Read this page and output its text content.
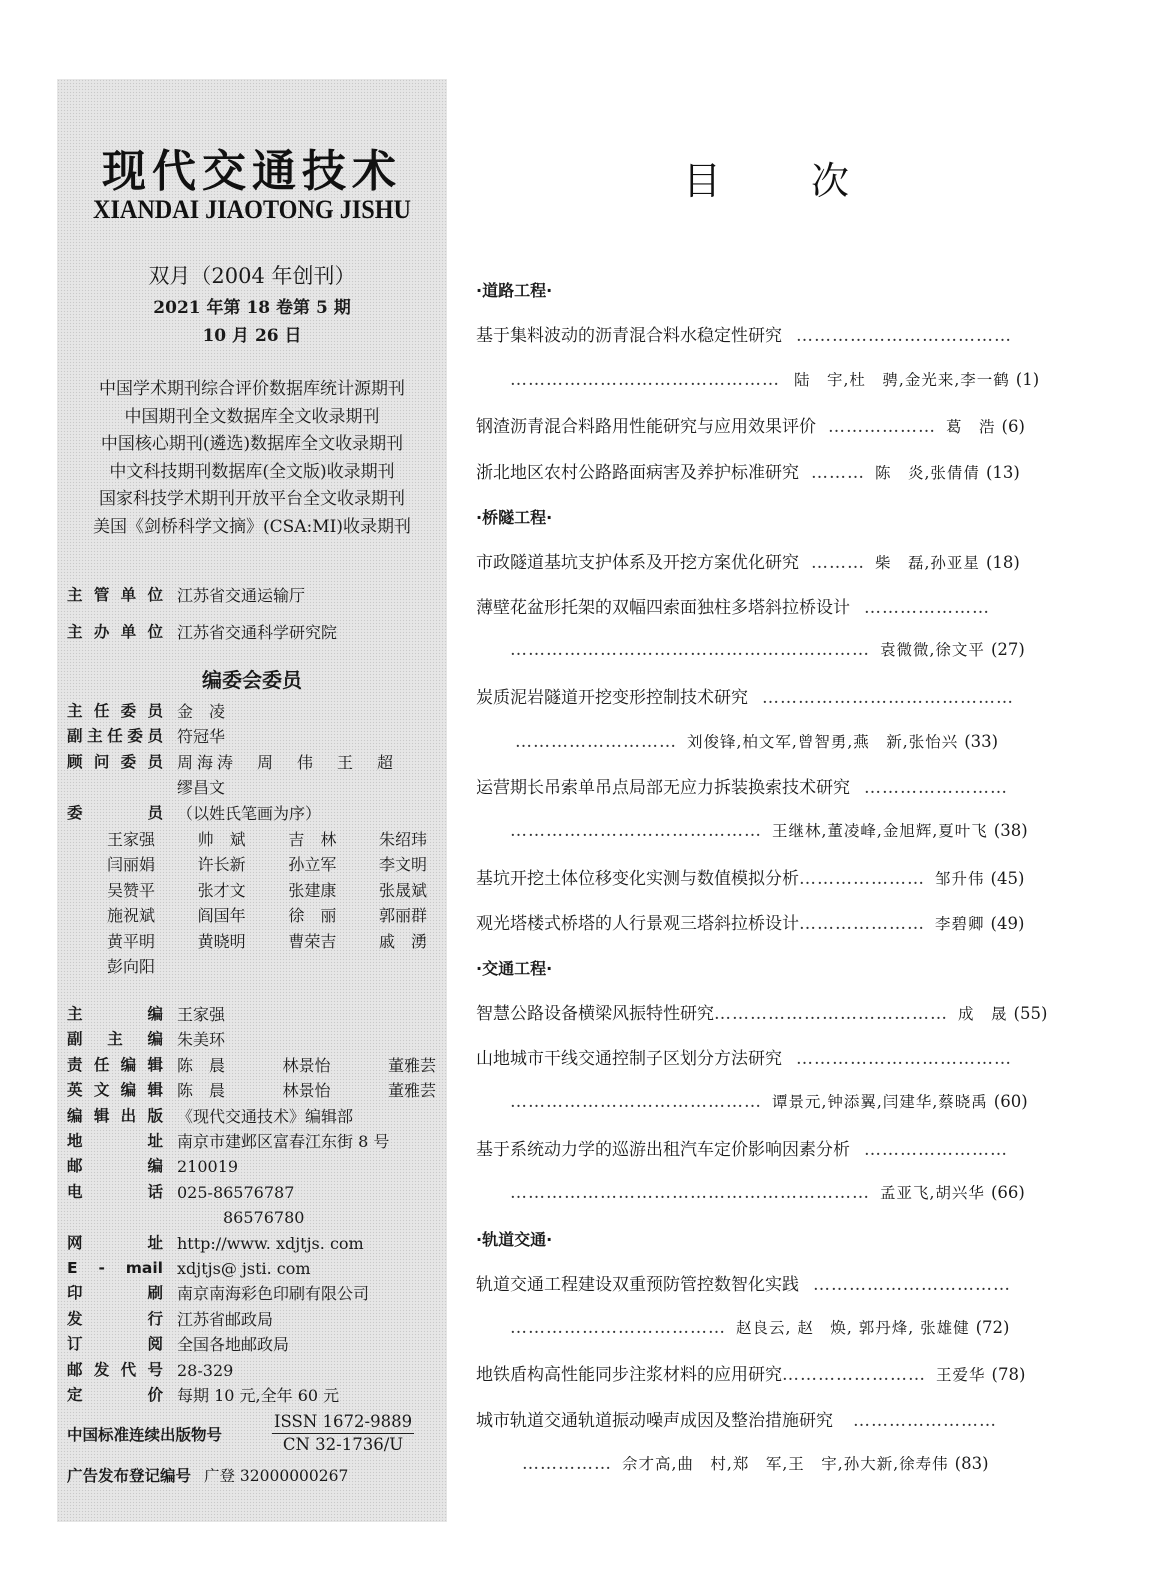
现代交通技术
XIANDAI JIAOTONG JISHU
双月（2004 年创刊）
2021 年第 18 卷第 5 期
10 月 26 日
中国学术期刊综合评价数据库统计源期刊
中国期刊全文数据库全文收录期刊
中国核心期刊(遴选)数据库全文收录期刊
中文科技期刊数据库(全文版)收录期刊
国家科技学术期刊开放平台全文收录期刊
美国《剑桥科学文摘》(CSA:MI)收录期刊
主 管 单 位 江苏省交通运输厅
主 办 单 位 江苏省交通科学研究院
编委会委员
主 任 委 员 金　凌
副 主 任 委 员 符冠华
顾 问 委 员 周海涛　周　伟　王　超
缪昌文
委	员 （以姓氏笔画为序）
王家强	帅　斌	吉　林	朱绍玮
闫丽娟	许长新	孙立军	李文明
吴赞平	张才文	张建康	张晟斌
施祝斌	阎国年	徐　丽	郭丽群
黄平明	黄晓明	曹荣吉	戚　湧
彭向阳
主	编 王家强
副 主 编 朱美环
责 任 编 辑 陈　晨	林景怡	董雅芸
英 文 编 辑 陈　晨	林景怡	董雅芸
编 辑 出 版 《现代交通技术》编辑部
地	址 南京市建邺区富春江东街 8 号
邮	编 210019
电	话 025-86576787
86576780
网	址 http://www. xdjtjs. com
E - mail xdjtjs@ jsti. com
印	刷 南京南海彩色印刷有限公司
发	行 江苏省邮政局
订	阅 全国各地邮政局
邮 发 代 号 28-329
定	价 每期 10 元,全年 60 元
中国标准连续出版物号	$\frac{\text{ISSN 1672-9889}}{CN 32-1736/U}$
广告发布登记编号 广登 32000000267
目 次
·道路工程·
·桥隧工程·
·交通工程·
·轨道交通·
基于集料波动的沥青混合料水稳定性研究 ………………………………
……………………………………… 陆　宇,杜　骋,金光来,李一鹤 (1)
钢渣沥青混合料路用性能研究与应用效果评价 ……………… 葛　浩 (6)
浙北地区农村公路路面病害及养护标准研究 ……… 陈　炎,张倩倩 (13)
市政隧道基坑支护体系及开挖方案优化研究 ……… 柴　磊,孙亚星 (18)
薄壁花盆形托架的双幅四索面独柱多塔斜拉桥设计 …………………
…………………………………………………… 袁微微,徐文平 (27)
炭质泥岩隧道开挖变形控制技术研究 ……………………………………
……………………… 刘俊锋,柏文军,曾智勇,燕　新,张怡兴 (33)
运营期长吊索单吊点局部无应力拆装换索技术研究 ……………………
…………………………………… 王继林,董凌峰,金旭辉,夏叶飞 (38)
基坑开挖土体位移变化实测与数值模拟分析 ………………… 邹升伟 (45)
观光塔楼式桥塔的人行景观三塔斜拉桥设计 ………………… 李碧卿 (49)
智慧公路设备横梁风振特性研究 ………………………………… 成　晟 (55)
山地城市干线交通控制子区划分方法研究 ………………………………
…………………………………… 谭景元,钟添翼,闫建华,蔡晓禹 (60)
基于系统动力学的巡游出租汽车定价影响因素分析 ……………………
…………………………………………………… 孟亚飞,胡兴华 (66)
轨道交通工程建设双重预防管控数智化实践 ……………………………
……………………………… 赵良云, 赵　焕, 郭丹烽, 张雄健 (72)
地铁盾构高性能同步注浆材料的应用研究 …………………… 王爱华 (78)
城市轨道交通轨道振动噪声成因及整治措施研究 ……………………
…………… 佘才高,曲　村,郑　军,王　宇,孙大新,徐寿伟 (83)
